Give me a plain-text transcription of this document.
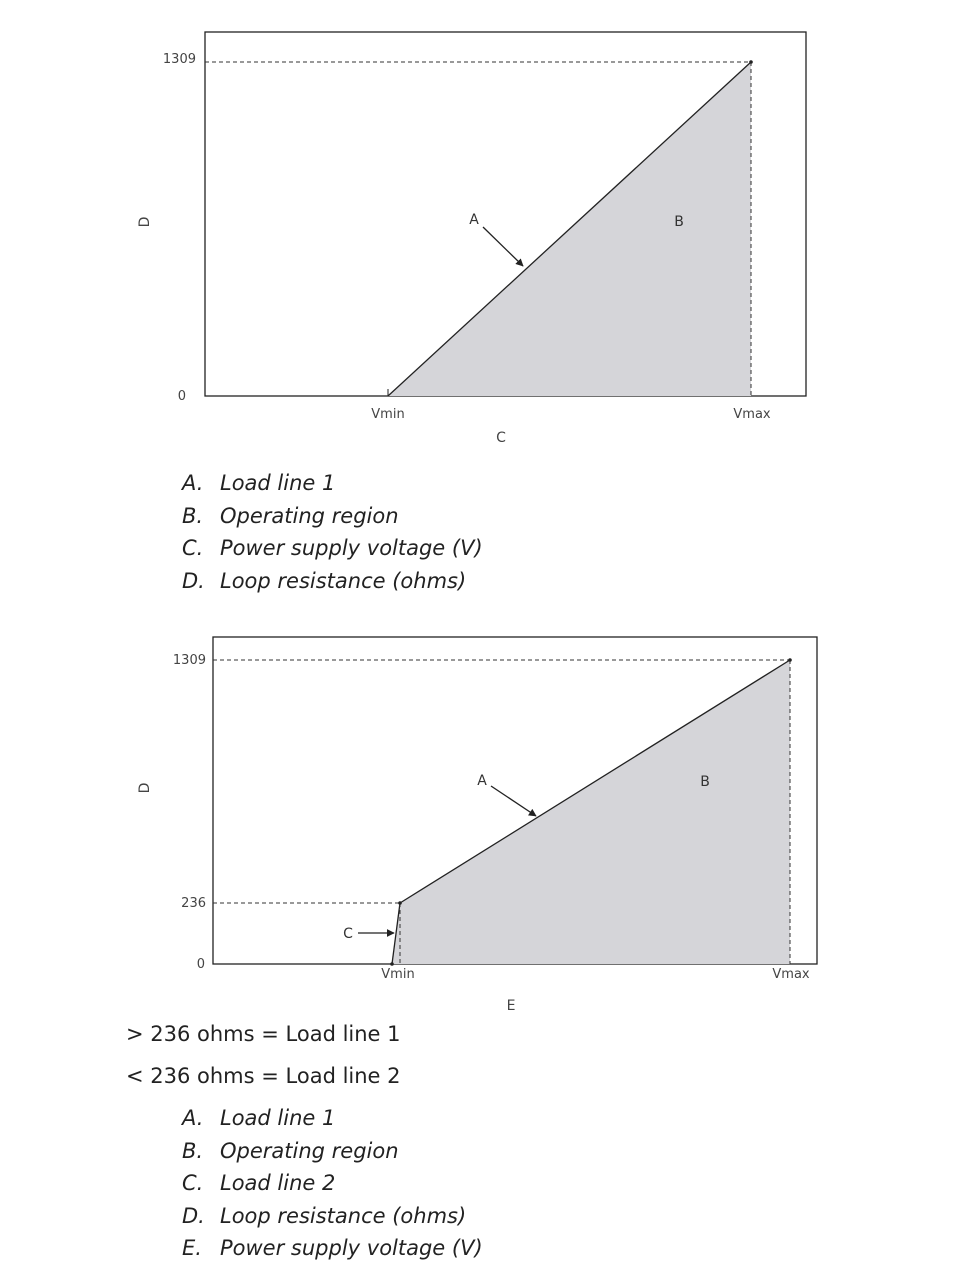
1309
0
Vmin	Vmax
C
D	A	B
1309
236
0
Vmin	Vmax
E
D	A	B
C
A. Load line 1
B. Operating region
C. Power supply voltage (V)
D. Loop resistance (ohms)
> 236 ohms = Load line 1
< 236 ohms = Load line 2
A. Load line 1
B. Operating region
C. Load line 2
D. Loop resistance (ohms)
E. Power supply voltage (V)
